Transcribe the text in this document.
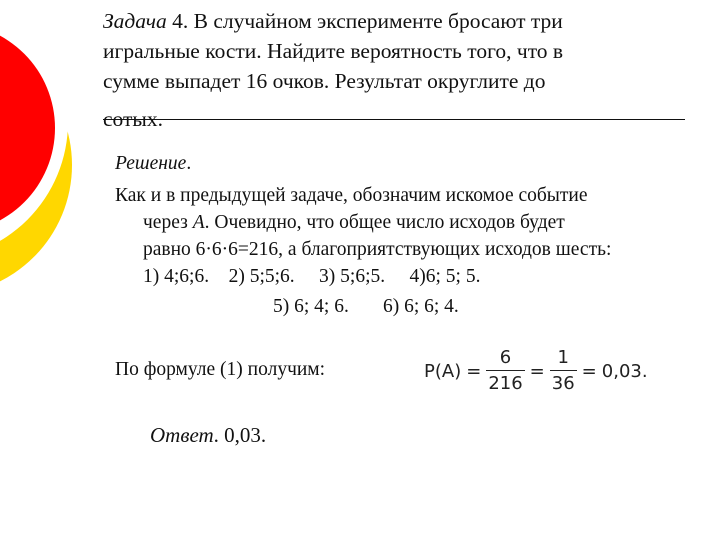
Задача 4. В случайном эксперименте бросают три
игральные кости. Найдите вероятность того, что в
сумме выпадет 16 очков. Результат округлите до
сотых.
Решение.
Как и в предыдущей задаче, обозначим искомое событие
через А. Очевидно, что общее число исходов будет
равно 6·6·6=216, а благоприятствующих исходов шесть:
1) 4;6;6.    2) 5;5;6.     3) 5;6;5.     4)6; 5; 5.
5) 6; 4; 6.       6) 6; 6; 4.
По формуле (1) получим:	$P(A) = \frac{6}{216} = \frac{1}{36} = 0,03$.
Ответ. 0,03.
